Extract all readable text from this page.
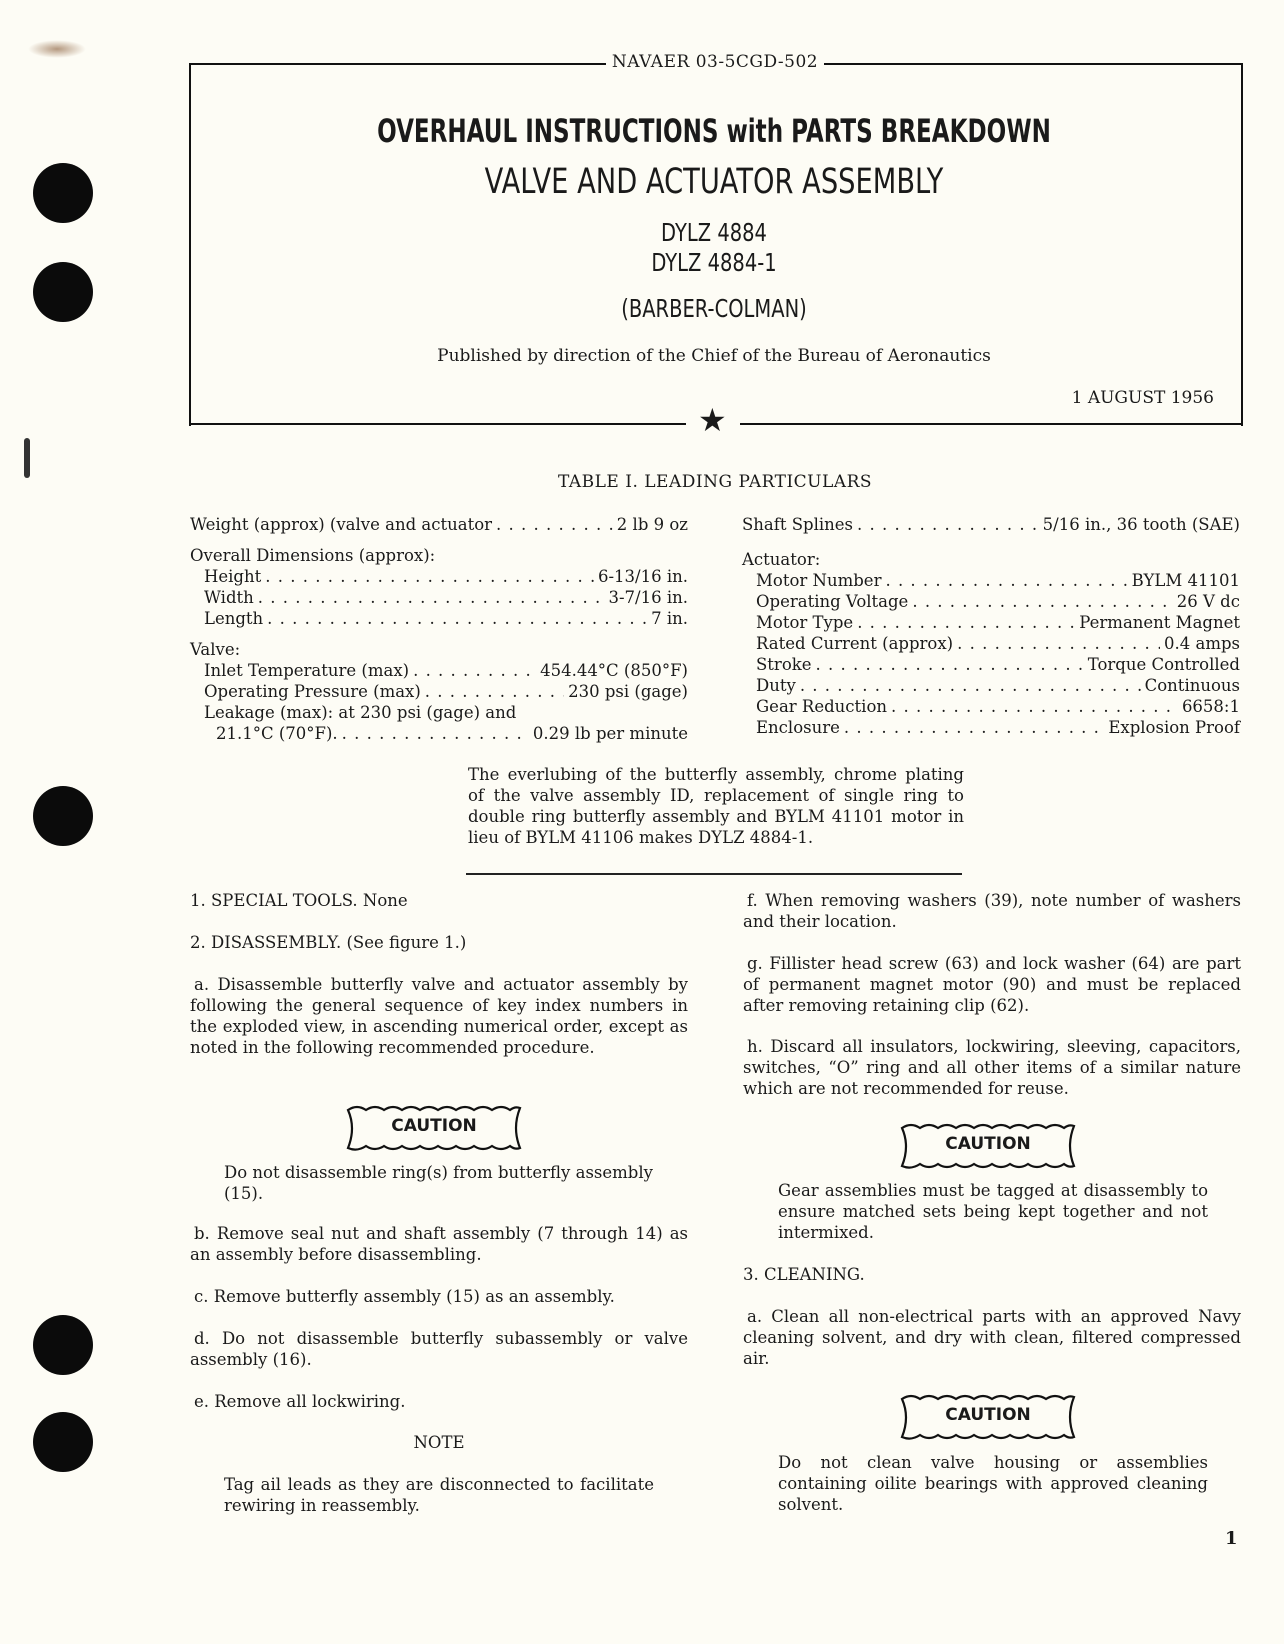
NAVAER 03-5CGD-502
OVERHAUL INSTRUCTIONS with PARTS BREAKDOWN
VALVE AND ACTUATOR ASSEMBLY
DYLZ 4884
DYLZ 4884-1
(BARBER-COLMAN)
Published by direction of the Chief of the Bureau of Aeronautics
1 AUGUST 1956
★
TABLE I. LEADING PARTICULARS
Weight (approx) (valve and actuator . . .	2 lb 9 oz
Overall Dimensions (approx):
Height . . .	6-13/16 in.
Width . . .	3-7/16 in.
Length . . .	7 in.
Valve:
Inlet Temperature (max) . . .	454.44°C (850°F)
Operating Pressure (max) . . .	230 psi (gage)
Leakage (max): at 230 psi (gage) and
21.1°C (70°F). . . .	0.29 lb per minute
Shaft Splines . . .	5/16 in., 36 tooth (SAE)
Actuator:
Motor Number . . .	BYLM 41101
Operating Voltage . . .	26 V dc
Motor Type . . .	Permanent Magnet
Rated Current (approx) . . .	0.4 amps
Stroke . . .	Torque Controlled
Duty . . .	Continuous
Gear Reduction . . .	6658:1
Enclosure . . .	Explosion Proof
The everlubing of the butterfly assembly, chrome plating of the valve assembly ID, replacement of single ring to double ring butterfly assembly and BYLM 41101 motor in lieu of BYLM 41106 makes DYLZ 4884-1.
1. SPECIAL TOOLS. None
2. DISASSEMBLY. (See figure 1.)
a. Disassemble butterfly valve and actuator assembly by following the general sequence of key index numbers in the exploded view, in ascending numerical order, except as noted in the following recommended procedure.
CAUTION
Do not disassemble ring(s) from butterfly assembly (15).
b. Remove seal nut and shaft assembly (7 through 14) as an assembly before disassembling.
c. Remove butterfly assembly (15) as an assembly.
d. Do not disassemble butterfly subassembly or valve assembly (16).
e. Remove all lockwiring.
NOTE
Tag ail leads as they are disconnected to facilitate rewiring in reassembly.
f. When removing washers (39), note number of washers and their location.
g. Fillister head screw (63) and lock washer (64) are part of permanent magnet motor (90) and must be replaced after removing retaining clip (62).
h. Discard all insulators, lockwiring, sleeving, capacitors, switches, “O” ring and all other items of a similar nature which are not recommended for reuse.
CAUTION
Gear assemblies must be tagged at disassembly to ensure matched sets being kept together and not intermixed.
3. CLEANING.
a. Clean all non-electrical parts with an approved Navy cleaning solvent, and dry with clean, filtered compressed air.
CAUTION
Do not clean valve housing or assemblies containing oilite bearings with approved cleaning solvent.
1
